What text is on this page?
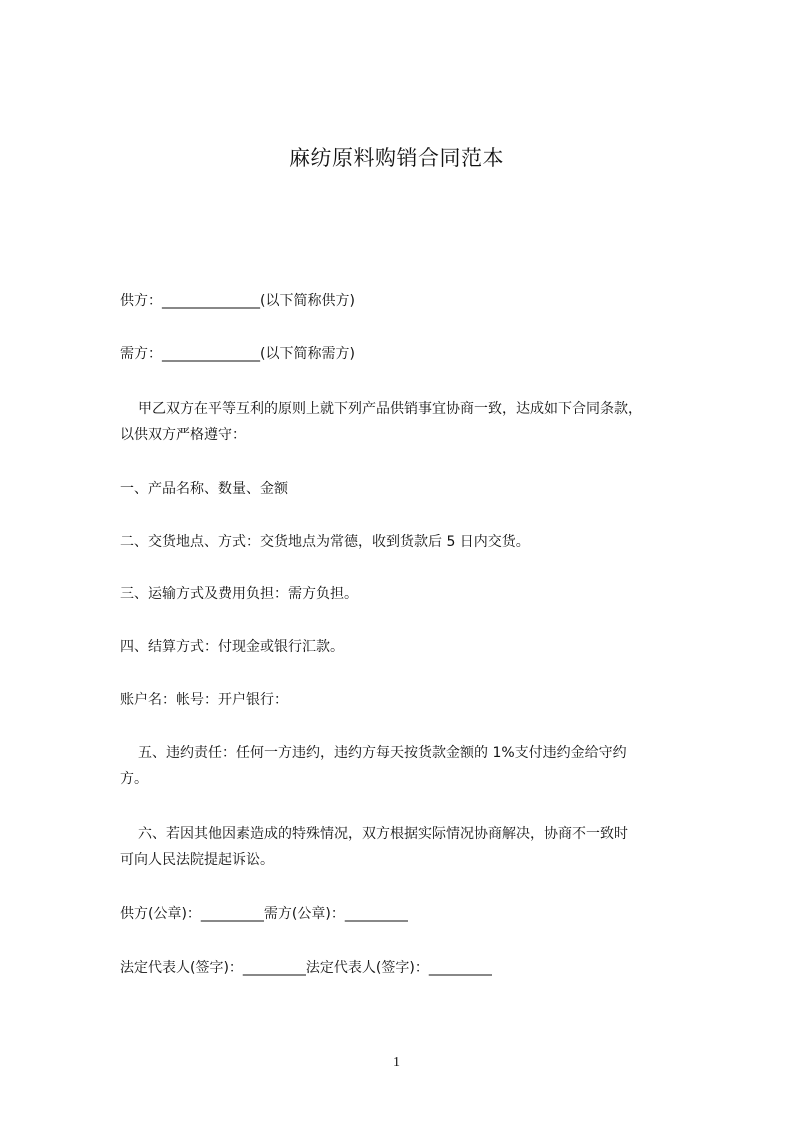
麻纺原料购销合同范本
供方：______________(以下简称供方)
需方：______________(以下简称需方)
甲乙双方在平等互利的原则上就下列产品供销事宜协商一致，达成如下合同条款，
以供双方严格遵守：
一、产品名称、数量、金额
二、交货地点、方式：交货地点为常德，收到货款后 5 日内交货。
三、运输方式及费用负担：需方负担。
四、结算方式：付现金或银行汇款。
账户名：帐号：开户银行：
五、违约责任：任何一方违约，违约方每天按货款金额的 1%支付违约金给守约
方。
六、若因其他因素造成的特殊情况，双方根据实际情况协商解决，协商不一致时
可向人民法院提起诉讼。
供方(公章)：_________需方(公章)：_________
法定代表人(签字)：_________法定代表人(签字)：_________
1
